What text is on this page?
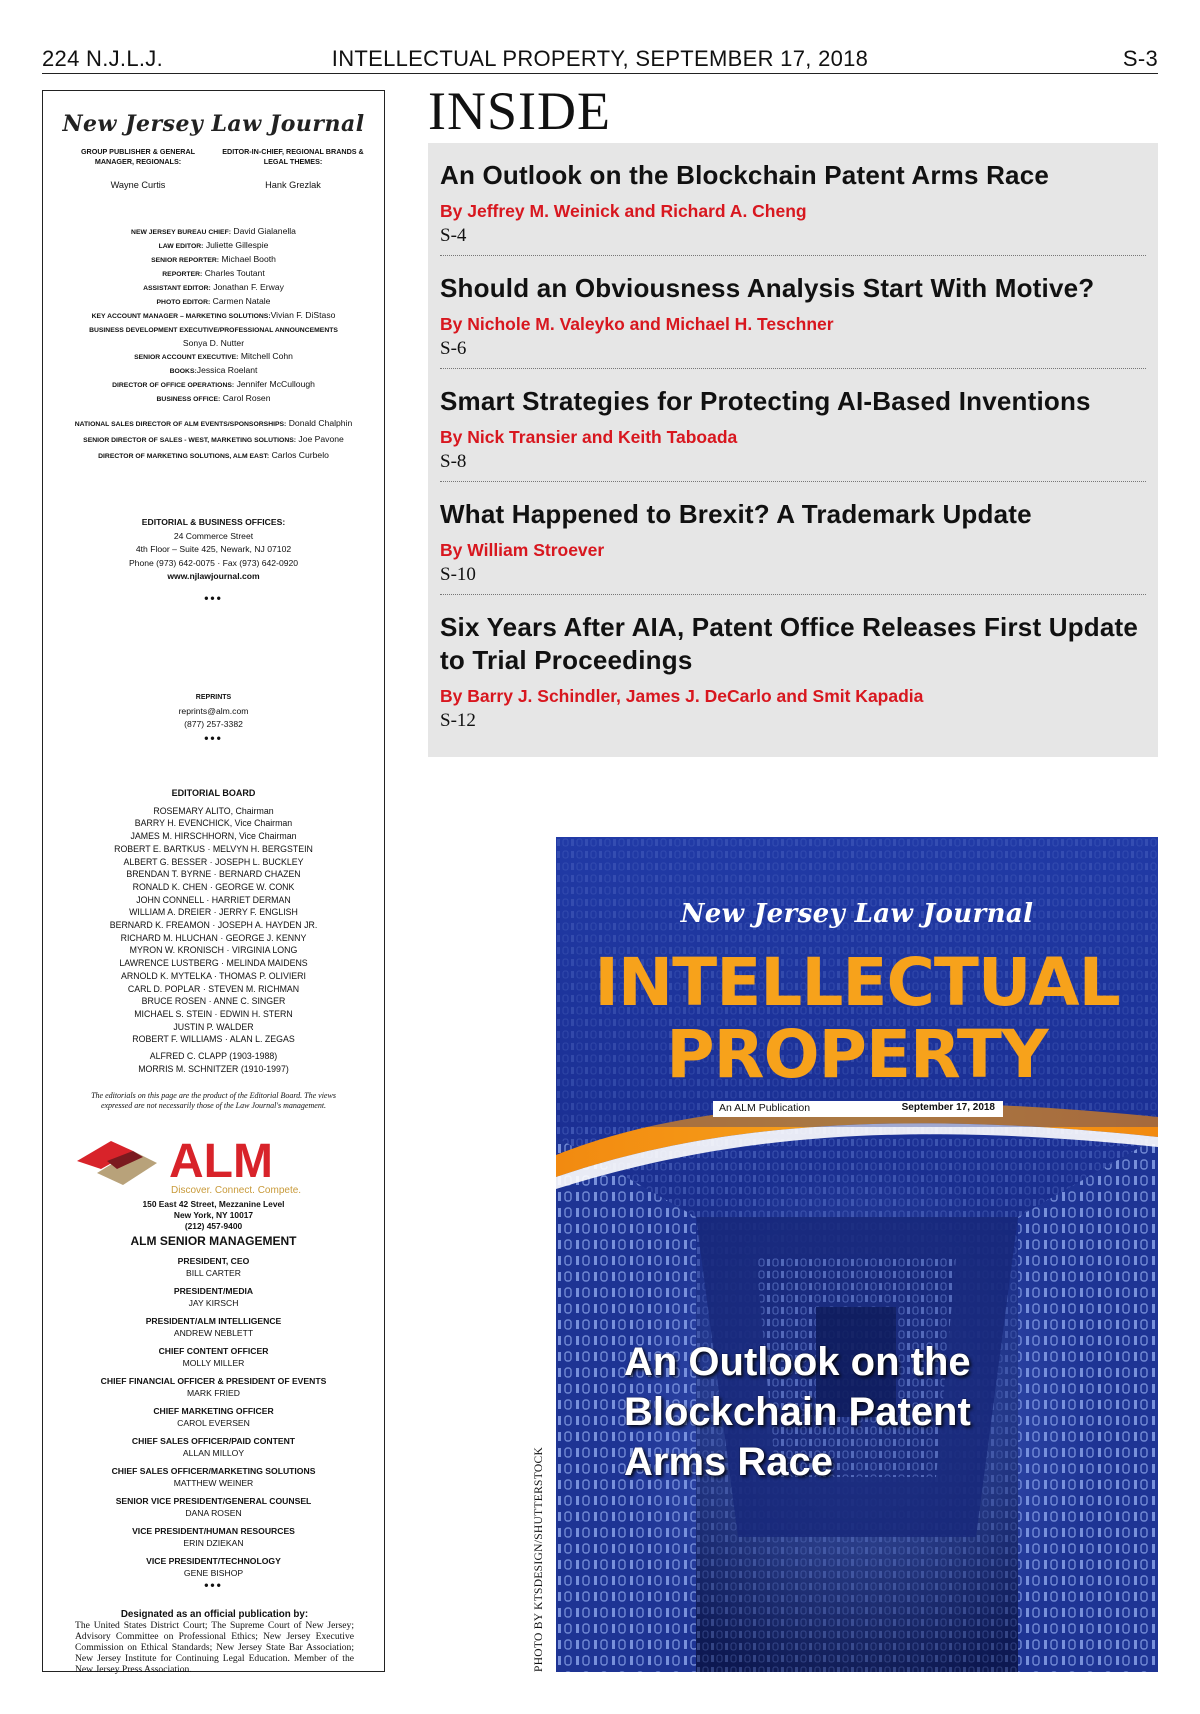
224 N.J.L.J.	INTELLECTUAL PROPERTY, SEPTEMBER 17, 2018	S-3
New Jersey Law Journal
GROUP PUBLISHER & GENERAL MANAGER, REGIONALS:
Wayne Curtis
EDITOR-IN-CHIEF, REGIONAL BRANDS & LEGAL THEMES:
Hank Grezlak
NEW JERSEY BUREAU CHIEF: David Gialanella
LAW EDITOR: Juliette Gillespie
SENIOR REPORTER: Michael Booth
REPORTER: Charles Toutant
ASSISTANT EDITOR: Jonathan F. Erway
PHOTO EDITOR: Carmen Natale
KEY ACCOUNT MANAGER – MARKETING SOLUTIONS:Vivian F. DiStaso
BUSINESS DEVELOPMENT EXECUTIVE/PROFESSIONAL ANNOUNCEMENTS
Sonya D. Nutter
SENIOR ACCOUNT EXECUTIVE: Mitchell Cohn
BOOKS:Jessica Roelant
DIRECTOR OF OFFICE OPERATIONS: Jennifer McCullough
BUSINESS OFFICE: Carol Rosen
NATIONAL SALES DIRECTOR OF ALM EVENTS/SPONSORSHIPS: Donald Chalphin
SENIOR DIRECTOR OF SALES - WEST, MARKETING SOLUTIONS: Joe Pavone
DIRECTOR OF MARKETING SOLUTIONS, ALM EAST: Carlos Curbelo
EDITORIAL & BUSINESS OFFICES:
24 Commerce Street
4th Floor – Suite 425, Newark, NJ 07102
Phone (973) 642-0075 · Fax (973) 642-0920
www.njlawjournal.com
•••
REPRINTS
reprints@alm.com
(877) 257-3382
•••
EDITORIAL BOARD
ROSEMARY ALITO, Chairman
BARRY H. EVENCHICK, Vice Chairman
JAMES M. HIRSCHHORN, Vice Chairman
ROBERT E. BARTKUS · MELVYN H. BERGSTEIN
ALBERT G. BESSER · JOSEPH L. BUCKLEY
BRENDAN T. BYRNE · BERNARD CHAZEN
RONALD K. CHEN · GEORGE W. CONK
JOHN CONNELL · HARRIET DERMAN
WILLIAM A. DREIER · JERRY F. ENGLISH
BERNARD K. FREAMON · JOSEPH A. HAYDEN JR.
RICHARD M. HLUCHAN · GEORGE J. KENNY
MYRON W. KRONISCH · VIRGINIA LONG
LAWRENCE LUSTBERG · MELINDA MAIDENS
ARNOLD K. MYTELKA · THOMAS P. OLIVIERI
CARL D. POPLAR · STEVEN M. RICHMAN
BRUCE ROSEN · ANNE C. SINGER
MICHAEL S. STEIN · EDWIN H. STERN
JUSTIN P. WALDER
ROBERT F. WILLIAMS · ALAN L. ZEGAS
ALFRED C. CLAPP (1903-1988)
MORRIS M. SCHNITZER (1910-1997)
The editorials on this page are the product of the Editorial Board. The views expressed are not necessarily those of the Law Journal's management.
ALM
Discover. Connect. Compete.
150 East 42 Street, Mezzanine Level
New York, NY 10017
(212) 457-9400
ALM SENIOR MANAGEMENT
PRESIDENT, CEO
BILL CARTER
PRESIDENT/MEDIA
JAY KIRSCH
PRESIDENT/ALM INTELLIGENCE
ANDREW NEBLETT
CHIEF CONTENT OFFICER
MOLLY MILLER
CHIEF FINANCIAL OFFICER & PRESIDENT OF EVENTS
MARK FRIED
CHIEF MARKETING OFFICER
CAROL EVERSEN
CHIEF SALES OFFICER/PAID CONTENT
ALLAN MILLOY
CHIEF SALES OFFICER/MARKETING SOLUTIONS
MATTHEW WEINER
SENIOR VICE PRESIDENT/GENERAL COUNSEL
DANA ROSEN
VICE PRESIDENT/HUMAN RESOURCES
ERIN DZIEKAN
VICE PRESIDENT/TECHNOLOGY
GENE BISHOP
•••
Designated as an official publication by:

The United States District Court; The Supreme Court of New Jersey; Advisory Committee on Professional Ethics; New Jersey Executive Commission on Ethical Standards; New Jersey State Bar Association; New Jersey Institute for Continuing Legal Education. Member of the New Jersey Press Association.

INSIDE
An Outlook on the Blockchain Patent Arms Race
By Jeffrey M. Weinick and Richard A. Cheng
S-4
Should an Obviousness Analysis Start With Motive?
By Nichole M. Valeyko and Michael H. Teschner
S-6
Smart Strategies for Protecting AI-Based Inventions
By Nick Transier and Keith Taboada
S-8
What Happened to Brexit? A Trademark Update
By William Stroever
S-10
Six Years After AIA, Patent Office Releases First Update to Trial Proceedings
By Barry J. Schindler, James J. DeCarlo and Smit Kapadia
S-12
PHOTO BY KTSDESIGN/SHUTTERSTOCK
New Jersey Law Journal
INTELLECTUAL
PROPERTY
An ALM Publication	September 17, 2018
An Outlook on the
Blockchain Patent
Arms Race
